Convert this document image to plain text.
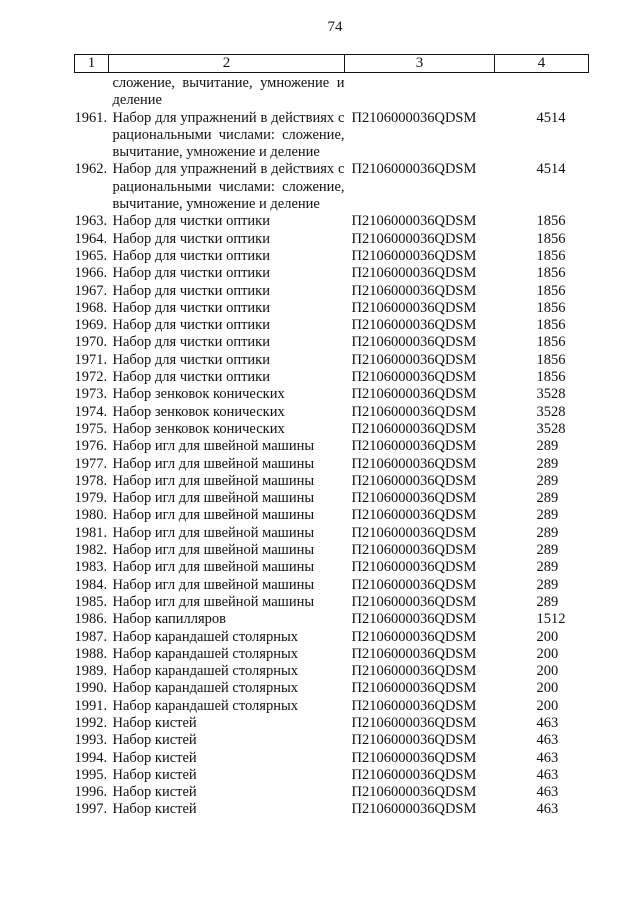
74
1	2	3	4
	сложение, вычитание, умножение и деление		
1961.	Набор для упражнений в действиях с рациональными числами: сложение, вычитание, умножение и деление	П2106000036QDSM	4514
1962.	Набор для упражнений в действиях с рациональными числами: сложение, вычитание, умножение и деление	П2106000036QDSM	4514
1963.	Набор для чистки оптики	П2106000036QDSM	1856
1964.	Набор для чистки оптики	П2106000036QDSM	1856
1965.	Набор для чистки оптики	П2106000036QDSM	1856
1966.	Набор для чистки оптики	П2106000036QDSM	1856
1967.	Набор для чистки оптики	П2106000036QDSM	1856
1968.	Набор для чистки оптики	П2106000036QDSM	1856
1969.	Набор для чистки оптики	П2106000036QDSM	1856
1970.	Набор для чистки оптики	П2106000036QDSM	1856
1971.	Набор для чистки оптики	П2106000036QDSM	1856
1972.	Набор для чистки оптики	П2106000036QDSM	1856
1973.	Набор зенковок конических	П2106000036QDSM	3528
1974.	Набор зенковок конических	П2106000036QDSM	3528
1975.	Набор зенковок конических	П2106000036QDSM	3528
1976.	Набор игл для швейной машины	П2106000036QDSM	289
1977.	Набор игл для швейной машины	П2106000036QDSM	289
1978.	Набор игл для швейной машины	П2106000036QDSM	289
1979.	Набор игл для швейной машины	П2106000036QDSM	289
1980.	Набор игл для швейной машины	П2106000036QDSM	289
1981.	Набор игл для швейной машины	П2106000036QDSM	289
1982.	Набор игл для швейной машины	П2106000036QDSM	289
1983.	Набор игл для швейной машины	П2106000036QDSM	289
1984.	Набор игл для швейной машины	П2106000036QDSM	289
1985.	Набор игл для швейной машины	П2106000036QDSM	289
1986.	Набор капилляров	П2106000036QDSM	1512
1987.	Набор карандашей столярных	П2106000036QDSM	200
1988.	Набор карандашей столярных	П2106000036QDSM	200
1989.	Набор карандашей столярных	П2106000036QDSM	200
1990.	Набор карандашей столярных	П2106000036QDSM	200
1991.	Набор карандашей столярных	П2106000036QDSM	200
1992.	Набор кистей	П2106000036QDSM	463
1993.	Набор кистей	П2106000036QDSM	463
1994.	Набор кистей	П2106000036QDSM	463
1995.	Набор кистей	П2106000036QDSM	463
1996.	Набор кистей	П2106000036QDSM	463
1997.	Набор кистей	П2106000036QDSM	463
